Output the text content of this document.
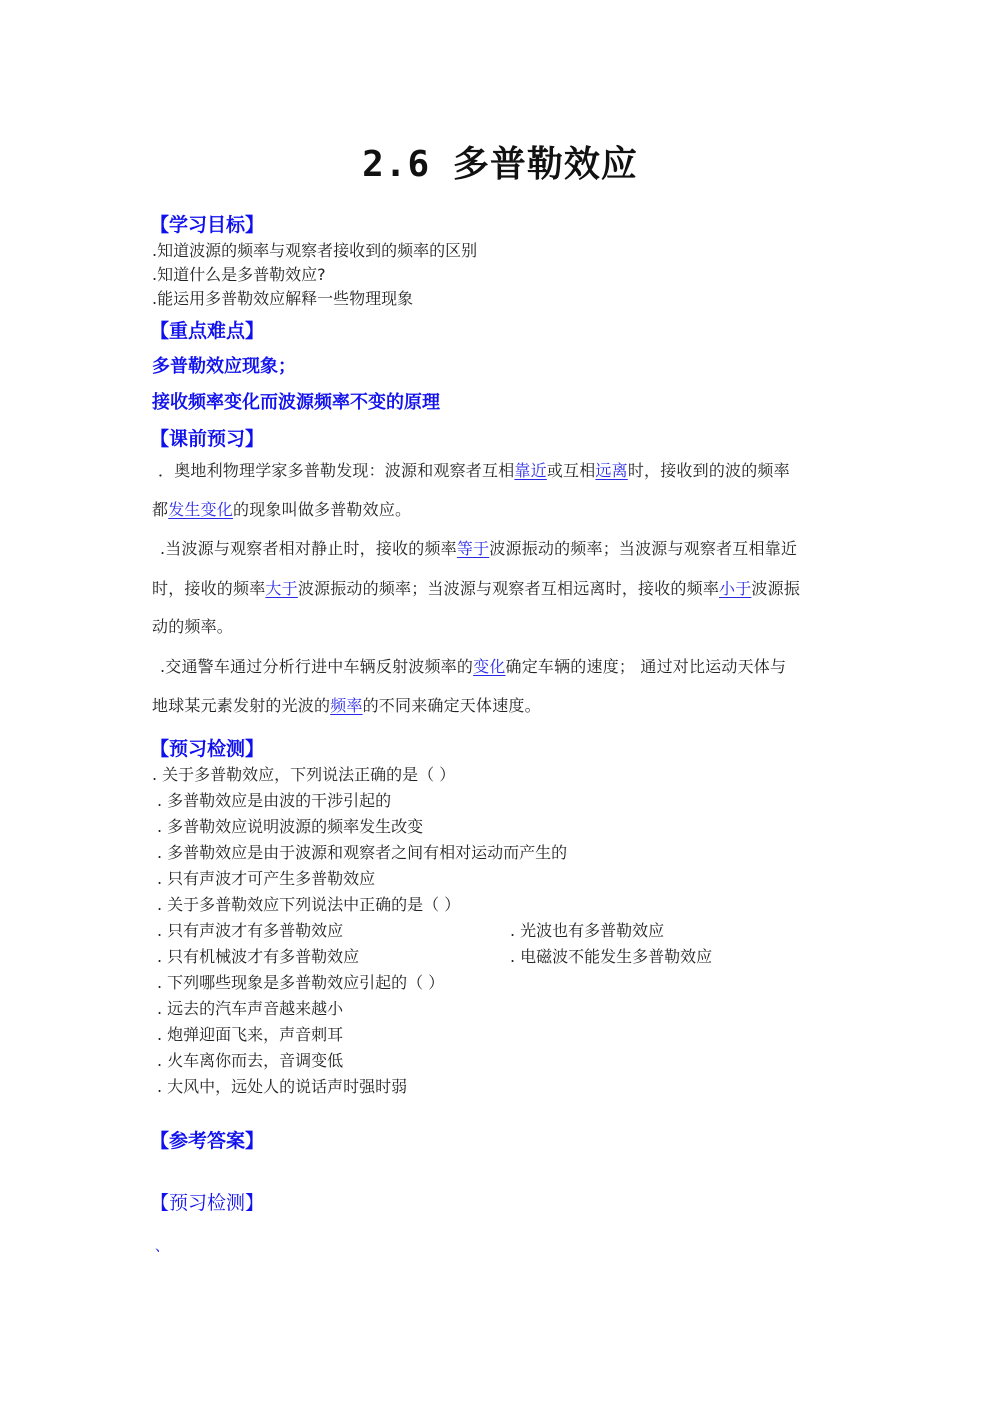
2.6 多普勒效应
【学习目标】
.知道波源的频率与观察者接收到的频率的区别
.知道什么是多普勒效应?
.能运用多普勒效应解释一些物理现象
【重点难点】
多普勒效应现象；
接收频率变化而波源频率不变的原理
【课前预习】
．奥地利物理学家多普勒发现：波源和观察者互相靠近或互相远离时，接收到的波的频率
都发生变化的现象叫做多普勒效应。
.当波源与观察者相对静止时，接收的频率等于波源振动的频率；当波源与观察者互相靠近
时，接收的频率大于波源振动的频率；当波源与观察者互相远离时，接收的频率小于波源振
动的频率。
.交通警车通过分析行进中车辆反射波频率的变化确定车辆的速度； 通过对比运动天体与
地球某元素发射的光波的频率的不同来确定天体速度。
【预习检测】
. 关于多普勒效应，下列说法正确的是（ ）
. 多普勒效应是由波的干涉引起的
. 多普勒效应说明波源的频率发生改变
. 多普勒效应是由于波源和观察者之间有相对运动而产生的
. 只有声波才可产生多普勒效应
. 关于多普勒效应下列说法中正确的是（ ）
. 只有声波才有多普勒效应	. 光波也有多普勒效应
. 只有机械波才有多普勒效应	. 电磁波不能发生多普勒效应
. 下列哪些现象是多普勒效应引起的（ ）
. 远去的汽车声音越来越小
. 炮弹迎面飞来，声音刺耳
. 火车离你而去，音调变低
. 大风中，远处人的说话声时强时弱
【参考答案】
【预习检测】
、
